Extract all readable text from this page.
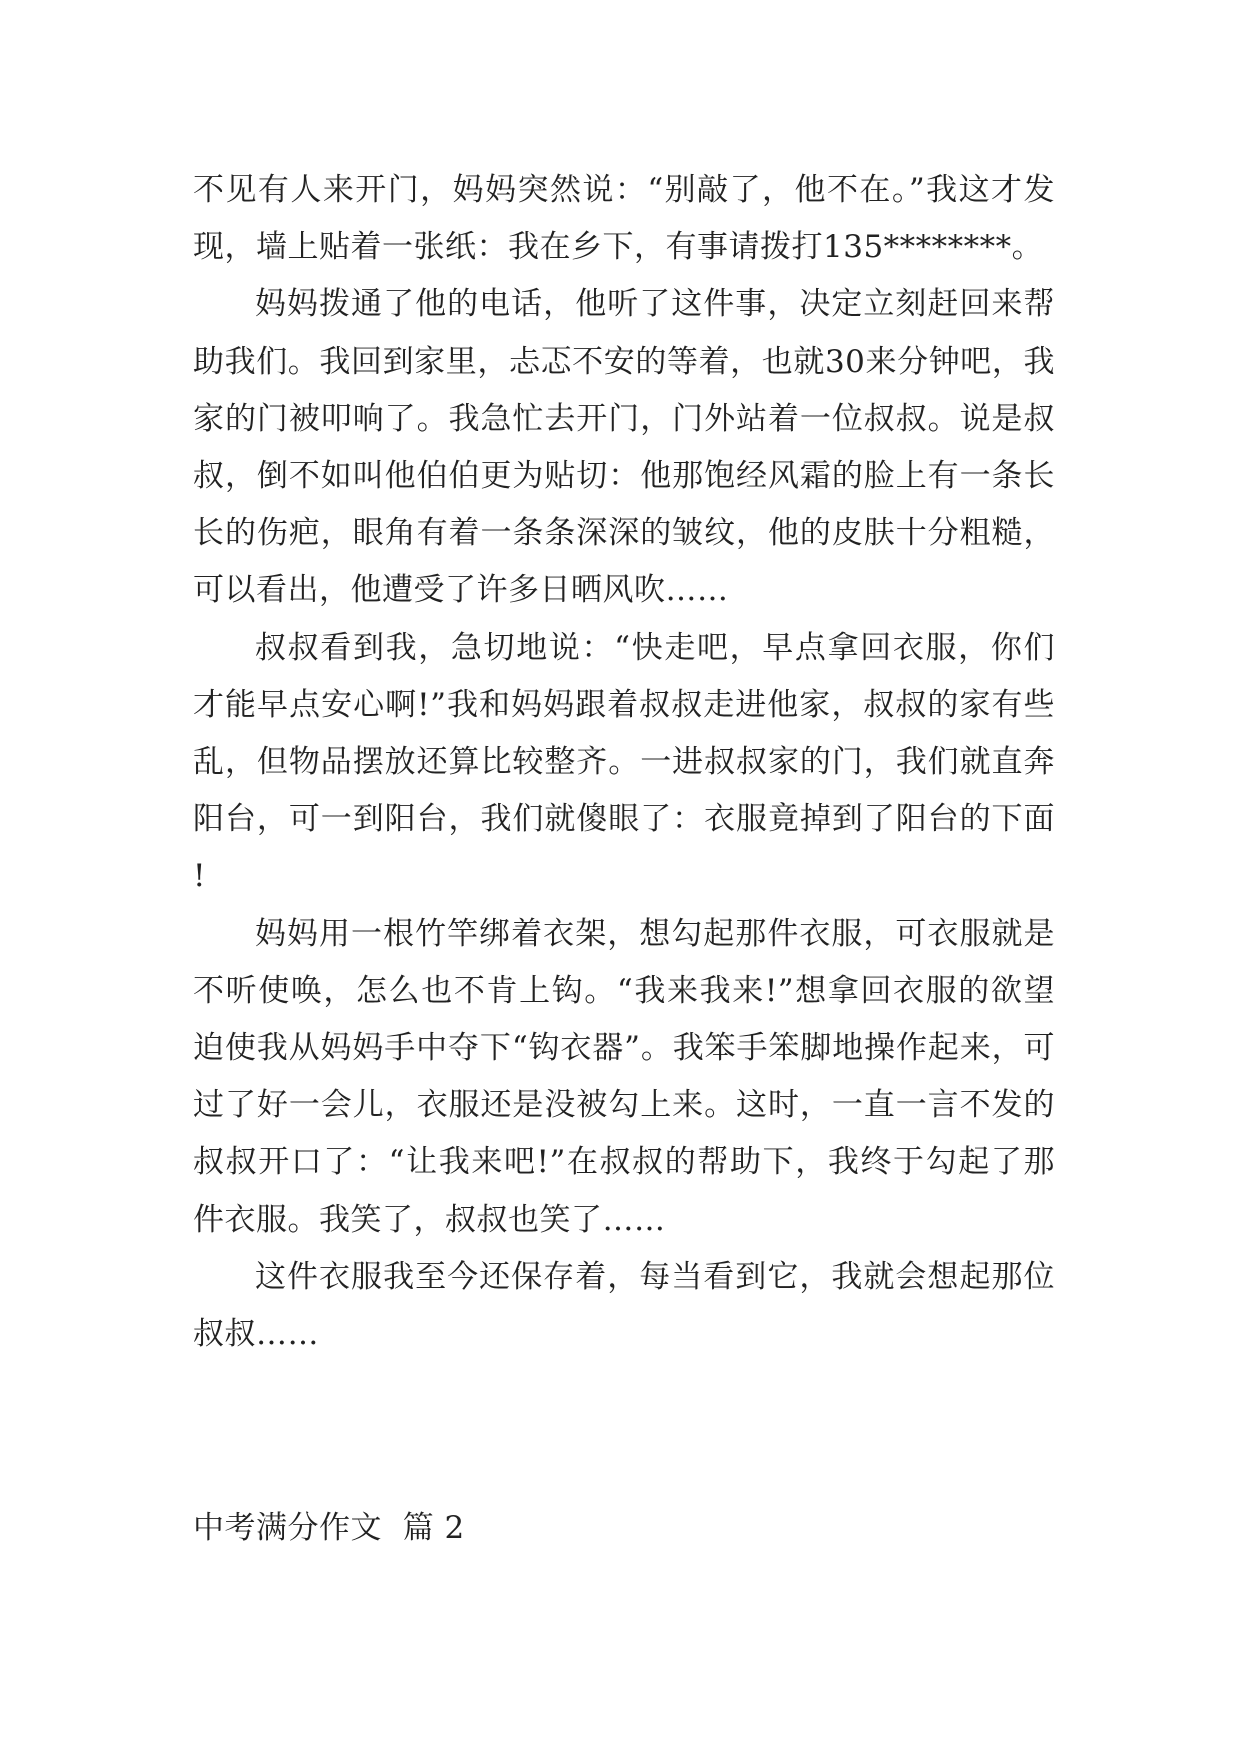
不见有人来开门，妈妈突然说：“别敲了，他不在。”我这才发现，墙上贴着一张纸：我在乡下，有事请拨打135********。

妈妈拨通了他的电话，他听了这件事，决定立刻赶回来帮助我们。我回到家里，忐忑不安的等着，也就30来分钟吧，我家的门被叩响了。我急忙去开门，门外站着一位叔叔。说是叔叔，倒不如叫他伯伯更为贴切：他那饱经风霜的脸上有一条长长的伤疤，眼角有着一条条深深的皱纹，他的皮肤十分粗糙，可以看出，他遭受了许多日晒风吹……

叔叔看到我，急切地说：“快走吧，早点拿回衣服，你们才能早点安心啊!”我和妈妈跟着叔叔走进他家，叔叔的家有些乱，但物品摆放还算比较整齐。一进叔叔家的门，我们就直奔阳台，可一到阳台，我们就傻眼了：衣服竟掉到了阳台的下面!

妈妈用一根竹竿绑着衣架，想勾起那件衣服，可衣服就是不听使唤，怎么也不肯上钩。“我来我来!”想拿回衣服的欲望迫使我从妈妈手中夺下“钩衣器”。我笨手笨脚地操作起来，可过了好一会儿，衣服还是没被勾上来。这时，一直一言不发的叔叔开口了：“让我来吧!”在叔叔的帮助下，我终于勾起了那件衣服。我笑了，叔叔也笑了……

这件衣服我至今还保存着，每当看到它，我就会想起那位叔叔……

中考满分作文  篇 2
